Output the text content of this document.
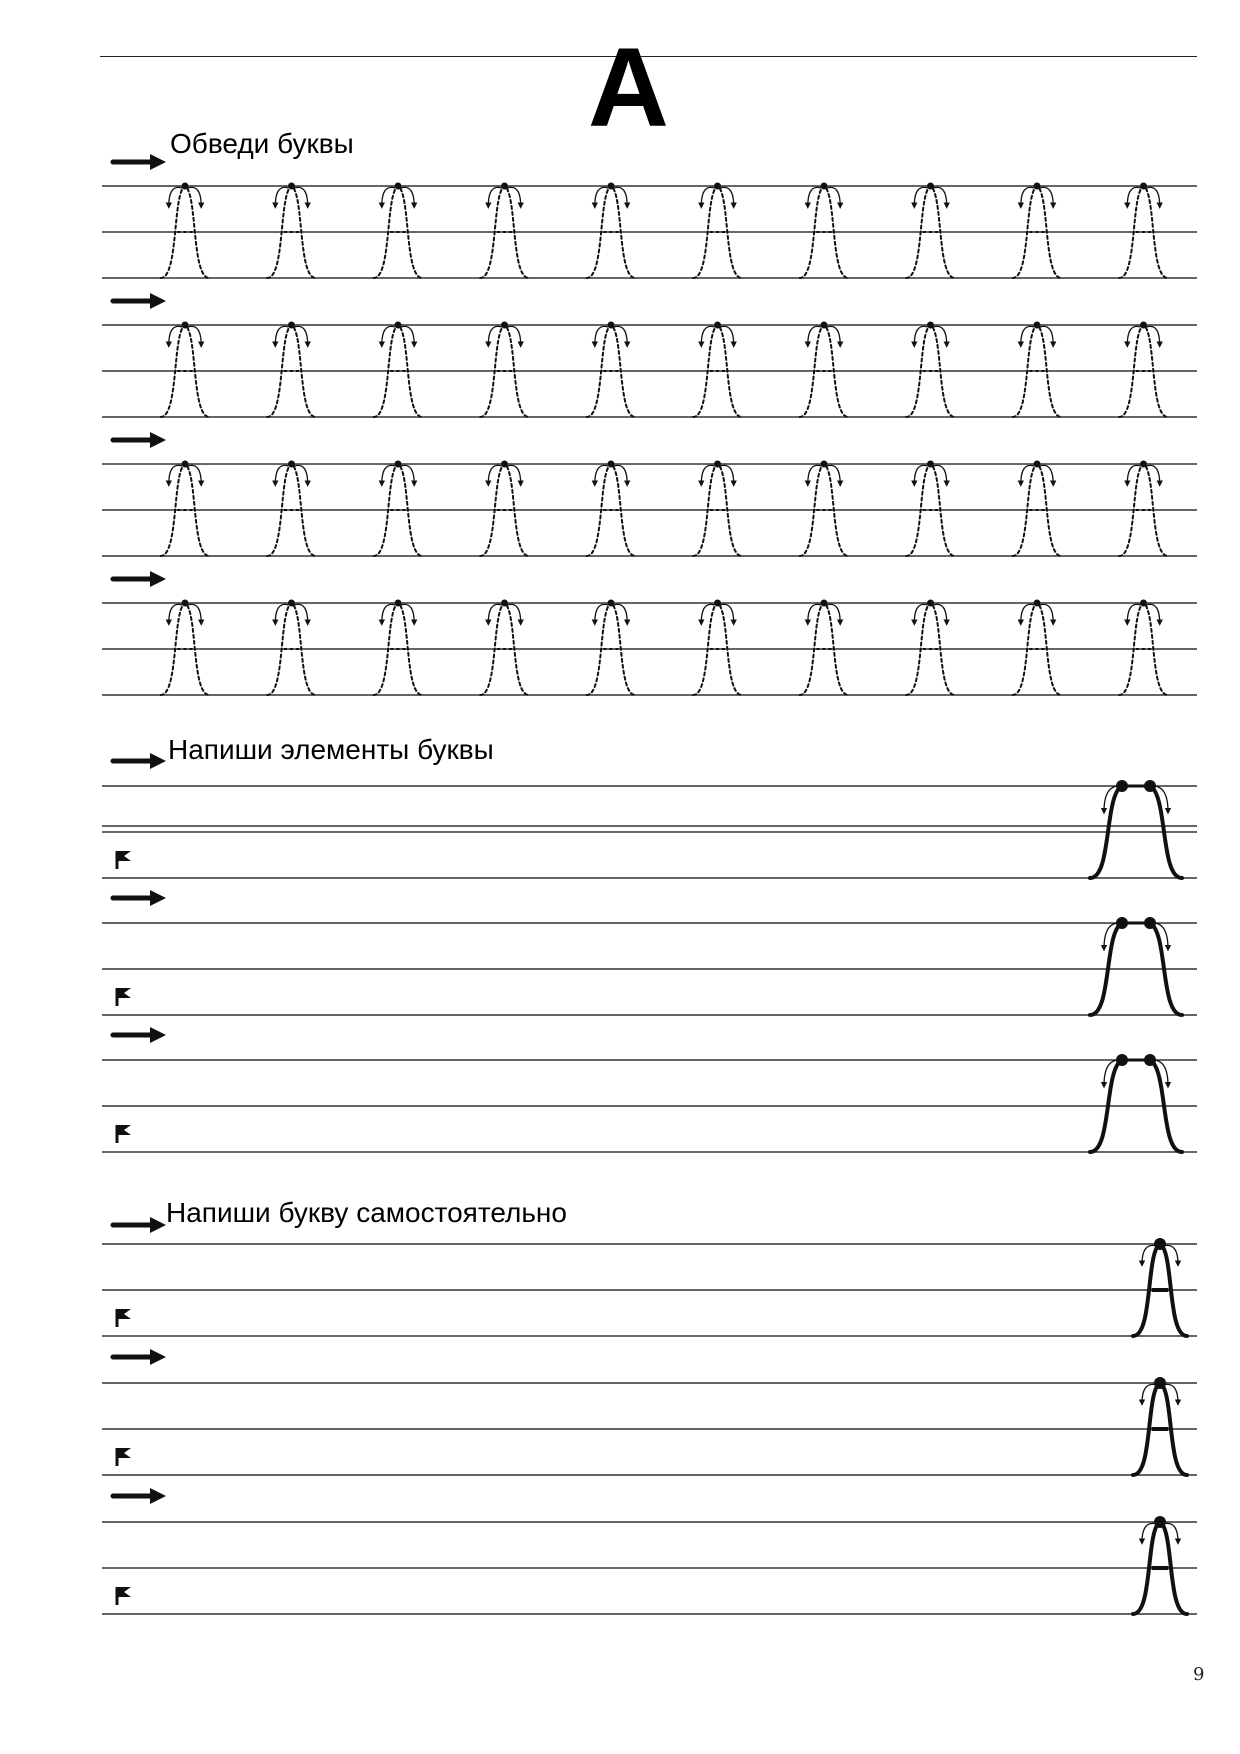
А
Обведи буквы
Напиши элементы буквы
Напиши букву самостоятельно
9
